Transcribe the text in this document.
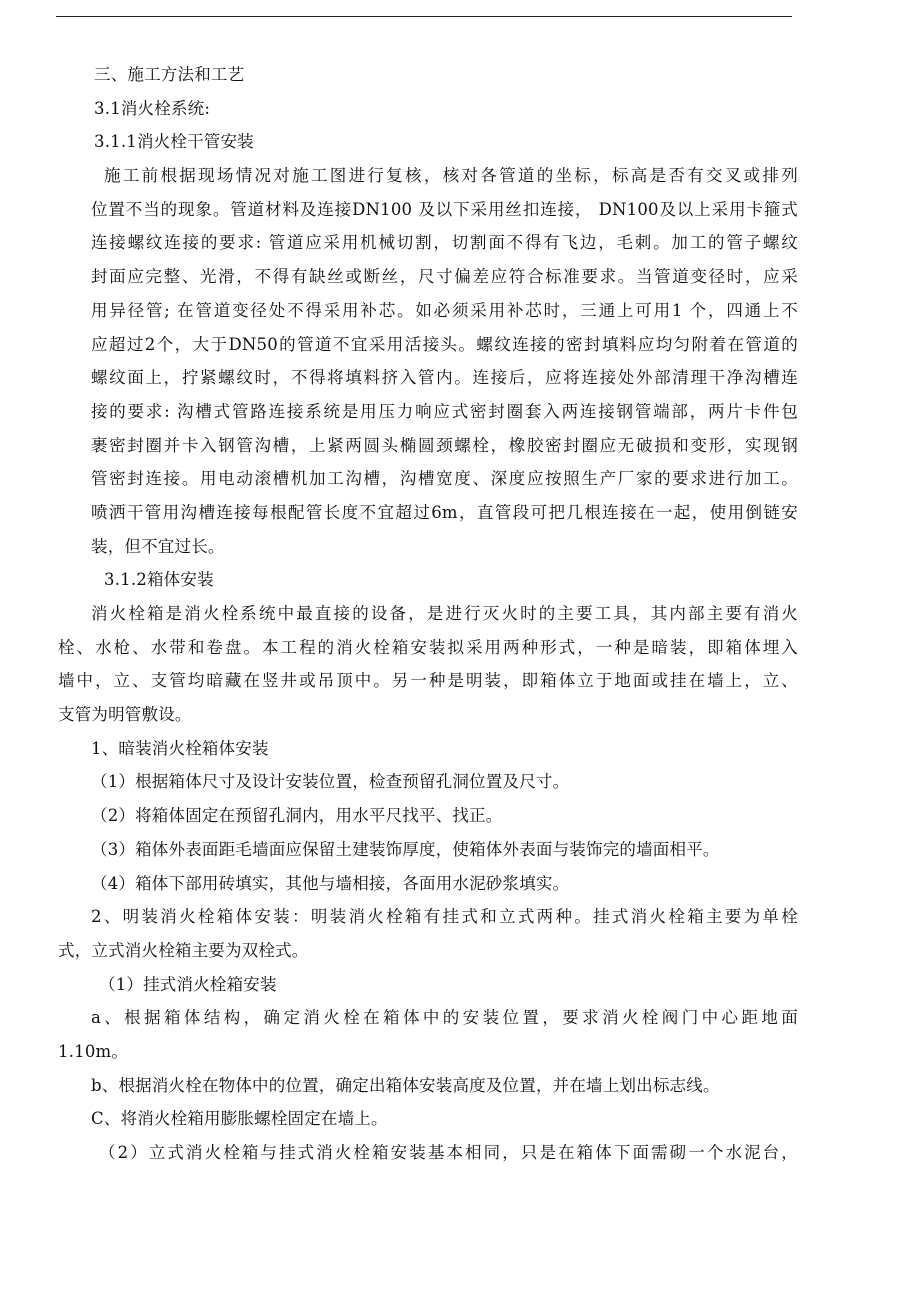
三、施工方法和工艺
3.1消火栓系统:
3.1.1消火栓干管安装
施工前根据现场情况对施工图进行复核，核对各管道的坐标，标高是否有交叉或排列
位置不当的现象。管道材料及连接DN100 及以下采用丝扣连接， DN100及以上采用卡箍式
连接螺纹连接的要求: 管道应采用机械切割，切割面不得有飞边，毛刺。加工的管子螺纹
封面应完整、光滑，不得有缺丝或断丝，尺寸偏差应符合标准要求。当管道变径时，应采
用异径管; 在管道变径处不得采用补芯。如必须采用补芯时，三通上可用1 个，四通上不
应超过2个，大于DN50的管道不宜采用活接头。螺纹连接的密封填料应均匀附着在管道的
螺纹面上，拧紧螺纹时，不得将填料挤入管内。连接后，应将连接处外部清理干净沟槽连
接的要求: 沟槽式管路连接系统是用压力响应式密封圈套入两连接钢管端部，两片卡件包
裹密封圈并卡入钢管沟槽，上紧两圆头椭圆颈螺栓，橡胶密封圈应无破损和变形，实现钢
管密封连接。用电动滚槽机加工沟槽，沟槽宽度、深度应按照生产厂家的要求进行加工。
喷洒干管用沟槽连接每根配管长度不宜超过6m，直管段可把几根连接在一起，使用倒链安
装，但不宜过长。
3.1.2箱体安装
消火栓箱是消火栓系统中最直接的设备，是进行灭火时的主要工具，其内部主要有消火
栓、水枪、水带和卷盘。本工程的消火栓箱安装拟采用两种形式，一种是暗装，即箱体埋入
墙中，立、支管均暗藏在竖井或吊顶中。另一种是明装，即箱体立于地面或挂在墙上，立、
支管为明管敷设。
1、暗装消火栓箱体安装
（1）根据箱体尺寸及设计安装位置，检查预留孔洞位置及尺寸。
（2）将箱体固定在预留孔洞内，用水平尺找平、找正。
（3）箱体外表面距毛墙面应保留土建装饰厚度，使箱体外表面与装饰完的墙面相平。
（4）箱体下部用砖填实，其他与墙相接，各面用水泥砂浆填实。
2、明装消火栓箱体安装：明装消火栓箱有挂式和立式两种。挂式消火栓箱主要为单栓
式，立式消火栓箱主要为双栓式。
（1）挂式消火栓箱安装
a、根据箱体结构，确定消火栓在箱体中的安装位置，要求消火栓阀门中心距地面
1.10m。
b、根据消火栓在物体中的位置，确定出箱体安装高度及位置，并在墙上划出标志线。
C、将消火栓箱用膨胀螺栓固定在墙上。
（2）立式消火栓箱与挂式消火栓箱安装基本相同，只是在箱体下面需砌一个水泥台，
